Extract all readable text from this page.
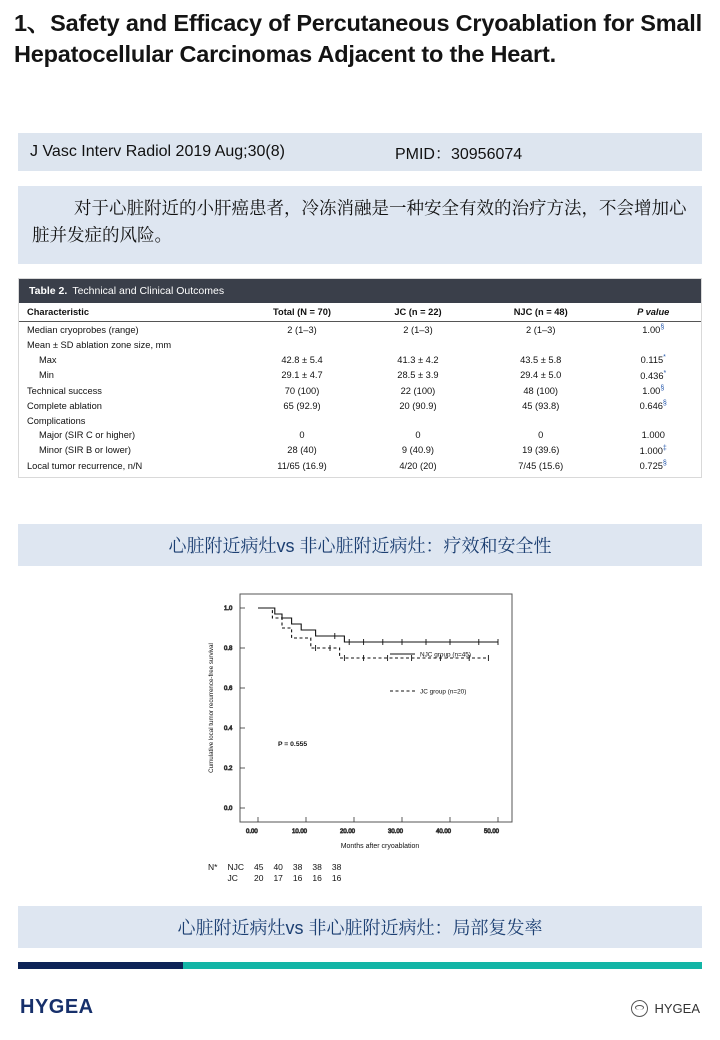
1、Safety and Efficacy of Percutaneous Cryoablation for Small Hepatocellular Carcinomas Adjacent to the Heart.
J Vasc Interv Radiol 2019 Aug;30(8)	PMID：30956074
对于心脏附近的小肝癌患者，冷冻消融是一种安全有效的治疗方法，不会增加心脏并发症的风险。
Table 2. Technical and Clinical Outcomes
Characteristic	Total (N = 70)	JC (n = 22)	NJC (n = 48)	P value
Median cryoprobes (range)	2 (1–3)	2 (1–3)	2 (1–3)	1.00§
Mean ± SD ablation zone size, mm				
Max	42.8 ± 5.4	41.3 ± 4.2	43.5 ± 5.8	0.115*
Min	29.1 ± 4.7	28.5 ± 3.9	29.4 ± 5.0	0.436*
Technical success	70 (100)	22 (100)	48 (100)	1.00§
Complete ablation	65 (92.9)	20 (90.9)	45 (93.8)	0.646§
Complications				
Major (SIR C or higher)	0	0	0	1.000
Minor (SIR B or lower)	28 (40)	9 (40.9)	19 (39.6)	1.000‡
Local tumor recurrence, n/N	11/65 (16.9)	4/20 (20)	7/45 (15.6)	0.725§
心脏附近病灶vs 非心脏附近病灶：疗效和安全性
1.0
0.8
0.6
0.4
0.2
0.0
0.00	10.00	20.00	30.00	40.00	50.00
Months after cryoablation
Cumulative local tumor recurrence-free survival	NJC group (n=45)
JC group (n=20)
P = 0.555
N*	NJC	45	40	38	38	38
	JC	20	17	16	16	16
心脏附近病灶vs 非心脏附近病灶：局部复发率
HYGEA	HYGEA
